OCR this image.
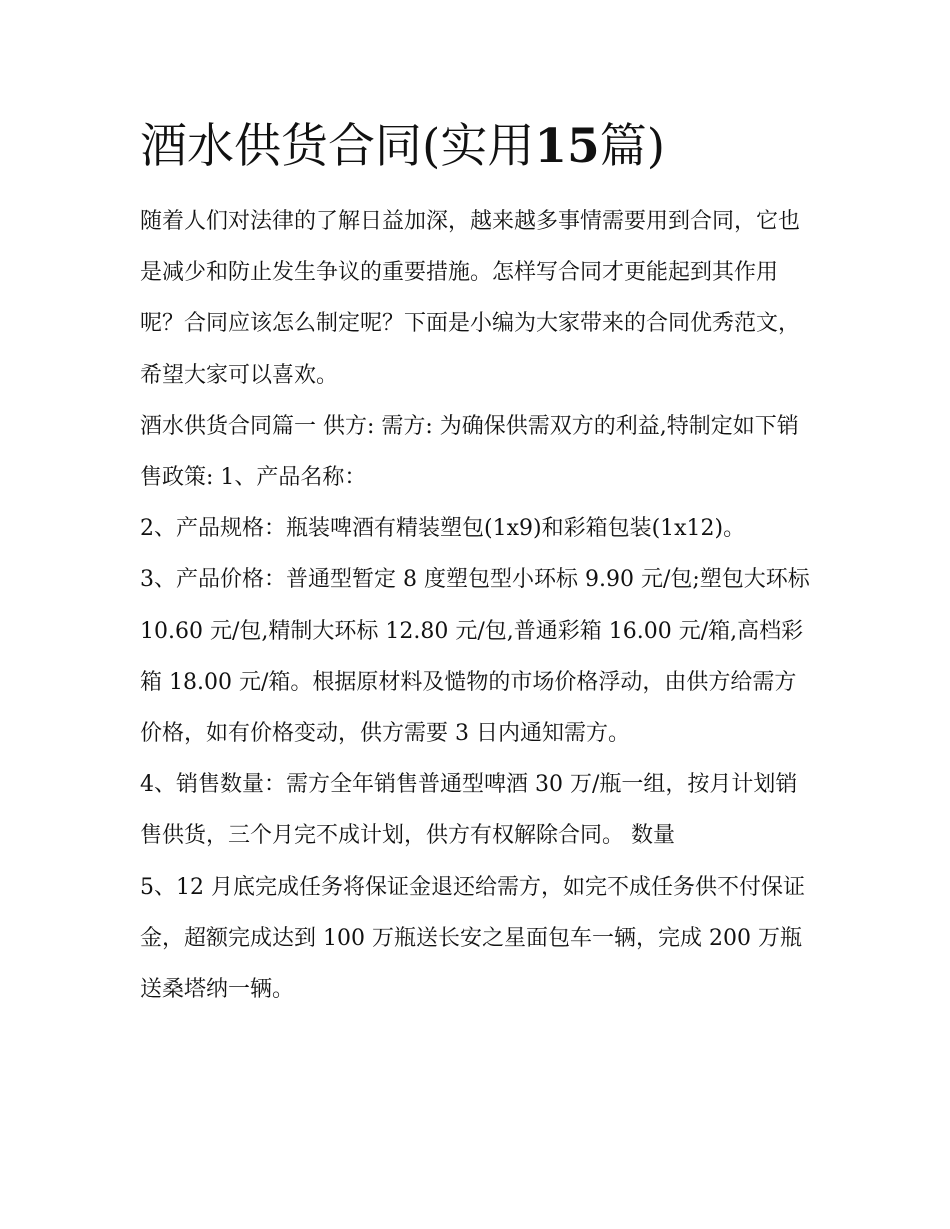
酒水供货合同(实用15篇)

随着人们对法律的了解日益加深，越来越多事情需要用到合同，它也是减少和防止发生争议的重要措施。怎样写合同才更能起到其作用呢？合同应该怎么制定呢？下面是小编为大家带来的合同优秀范文，希望大家可以喜欢。

酒水供货合同篇一 供方: 需方: 为确保供需双方的利益,特制定如下销售政策: 1、产品名称：

2、产品规格：瓶装啤酒有精装塑包(1x9)和彩箱包装(1x12)。

3、产品价格：普通型暂定 8 度塑包型小环标 9.90 元/包;塑包大环标 10.60 元/包,精制大环标 12.80 元/包,普通彩箱 16.00 元/箱,高档彩箱 18.00 元/箱。根据原材料及慥物的市场价格浮动，由供方给需方价格，如有价格变动，供方需要 3 日内通知需方。

4、销售数量：需方全年销售普通型啤酒 30 万/瓶一组，按月计划销售供货，三个月完不成计划，供方有权解除合同。 数量

5、12 月底完成任务将保证金退还给需方，如完不成任务供不付保证金，超额完成达到 100 万瓶送长安之星面包车一辆，完成 200 万瓶送桑塔纳一辆。
